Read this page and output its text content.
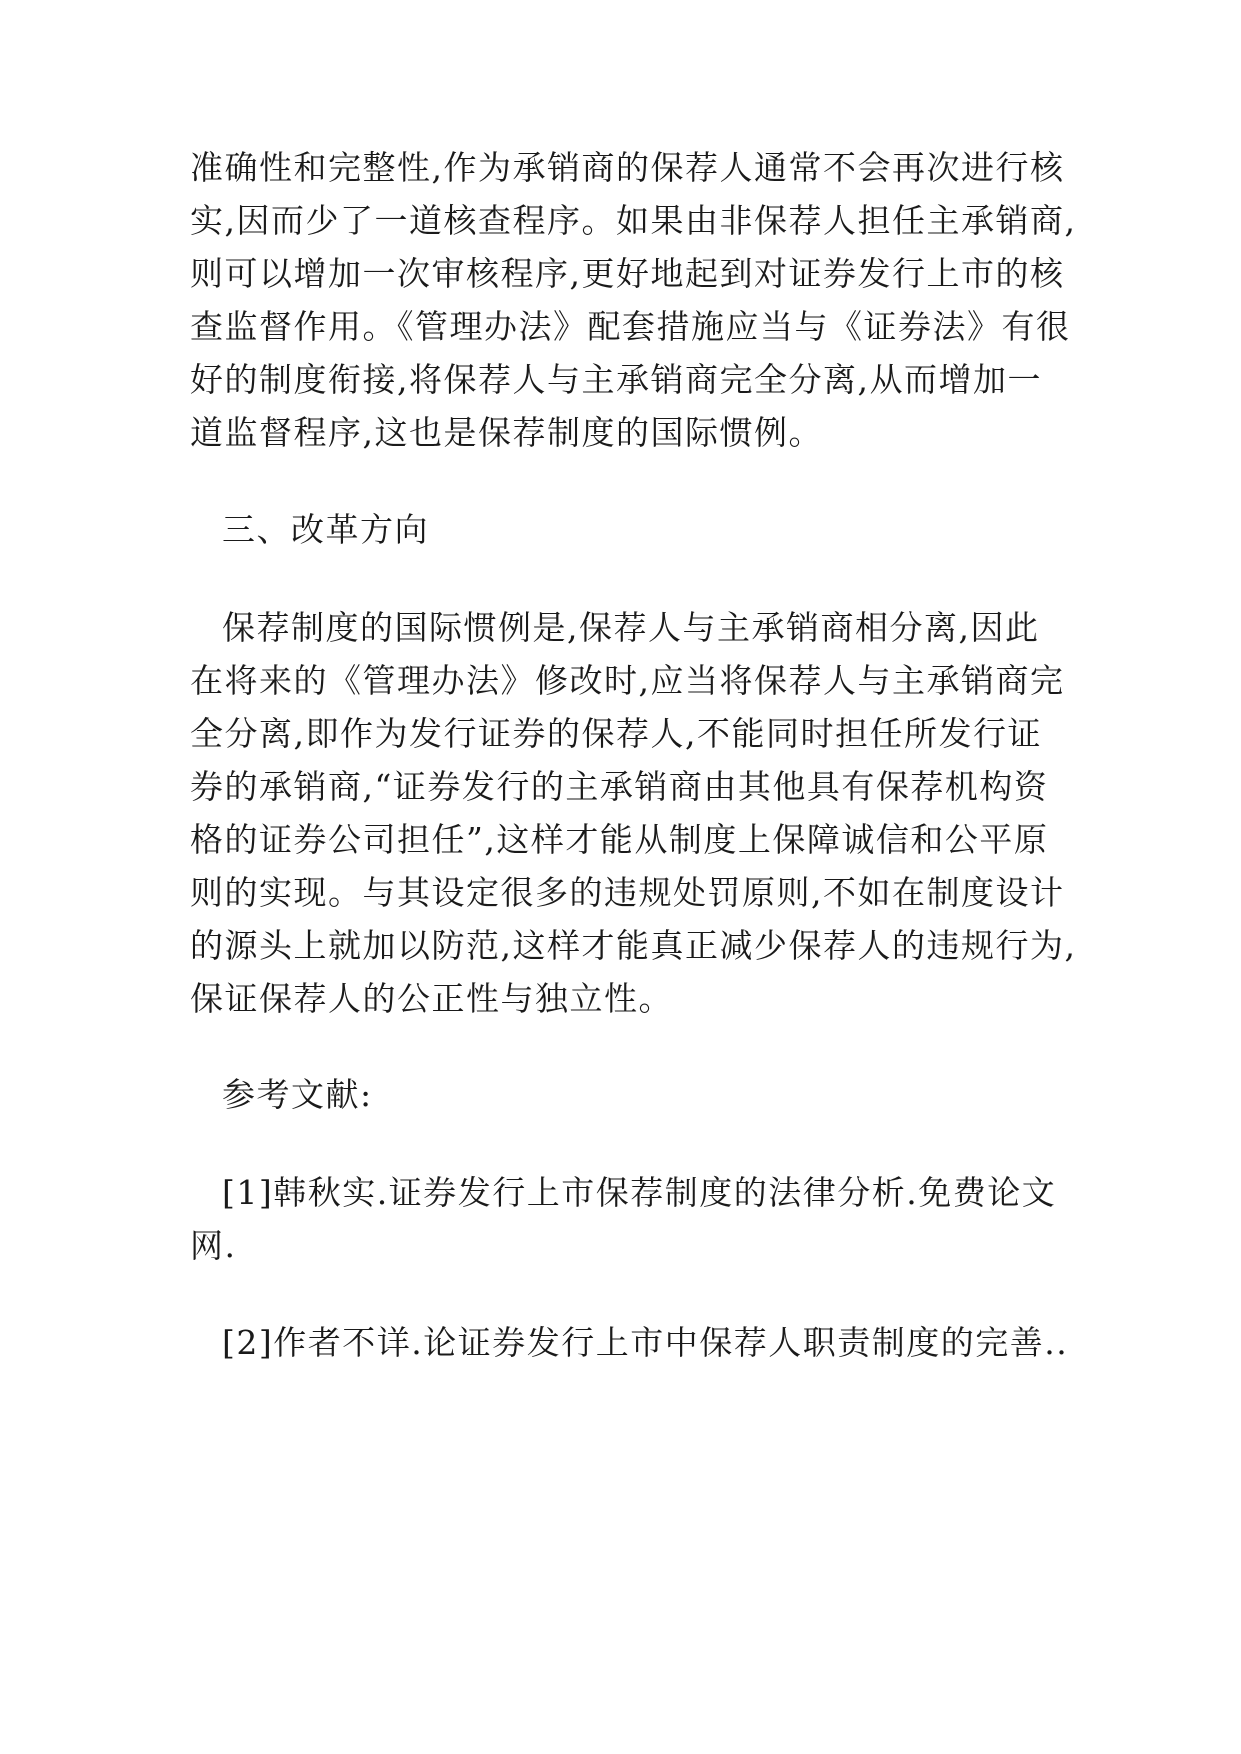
准确性和完整性,作为承销商的保荐人通常不会再次进行核
实,因而少了一道核查程序。如果由非保荐人担任主承销商,
则可以增加一次审核程序,更好地起到对证券发行上市的核
查监督作用。《管理办法》配套措施应当与《证券法》有很
好的制度衔接,将保荐人与主承销商完全分离,从而增加一
道监督程序,这也是保荐制度的国际惯例。
三、改革方向
保荐制度的国际惯例是,保荐人与主承销商相分离,因此
在将来的《管理办法》修改时,应当将保荐人与主承销商完
全分离,即作为发行证券的保荐人,不能同时担任所发行证
券的承销商,“证券发行的主承销商由其他具有保荐机构资
格的证券公司担任”,这样才能从制度上保障诚信和公平原
则的实现。与其设定很多的违规处罚原则,不如在制度设计
的源头上就加以防范,这样才能真正减少保荐人的违规行为,
保证保荐人的公正性与独立性。
参考文献:
[1]韩秋实.证券发行上市保荐制度的法律分析.免费论文
网.
[2]作者不详.论证券发行上市中保荐人职责制度的完善..
